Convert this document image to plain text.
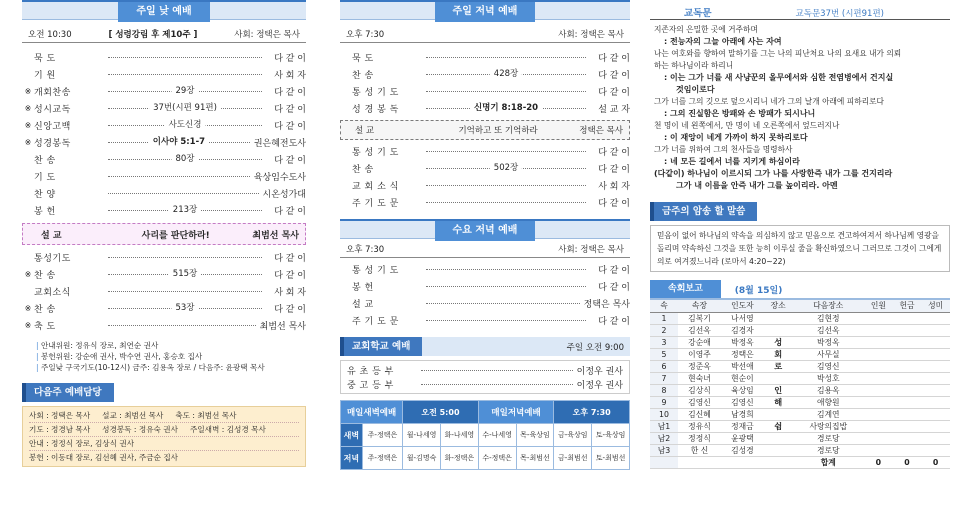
주일 낮 예배
오전 10:30	[ 성령강림 후 제10주 ]	사회: 정택은 목사
묵 도	다 같 이
기 원	사 회 자
※ 개회찬송	29장	다 같 이
※ 성시교독	37번(시편 91편)	다 같 이
※ 신앙고백	사도신경	다 같 이
※ 성경봉독	이사야 5:1-7	권은혜전도사
찬 송	80장	다 같 이
기 도	육상임수도사
찬 양	시온성가대
봉 헌	213장	다 같 이
설 교	사리를 판단하라!	최범선 목사
통성기도	다 같 이
※ 찬 송	515장	다 같 이
교회소식	사 회 자
※ 찬 송	53장	다 같 이
※ 축 도	최범선 목사
| 안내위원: 정유식 장로, 최연순 권사
| 봉헌위원: 강순애 권사, 박수연 권사, 홍승호 집사
| 주일낮 구국기도(10-12시) 금주: 김용옥 장로 / 다음주: 윤광택 목사
다음주 예배담당
사회 : 정택은 목사 설교 : 최범선 목사 축도 : 최범선 목사
기도 : 정경남 목사 성경봉독 : 정유숙 권사 주일새벽 : 김성경 목사
안내 : 정정식 장로, 김상식 권사
봉헌 : 이동대 장로, 김선혜 권사, 주금순 집사
주일 저녁 예배
오후 7:30	사회: 정택은 목사
묵 도	다 같 이
찬 송	428장	다 같 이
통 성 기 도	다 같 이
성 경 봉 독	신명기 8:18-20	설 교 자
설 교	기억하고 또 기억하라	정택은 목사
통 성 기 도	다 같 이
찬 송	502장	다 같 이
교 회 소 식	사 회 자
주 기 도 문	다 같 이
수요 저녁 예배
오후 7:30	사회: 정택은 목사
통 성 기 도	다 같 이
봉 헌	다 같 이
설 교	정택은 목사
주 기 도 문	다 같 이
교회학교 예배	주일 오전 9:00
유 초 등 부	이정우 권사
중 고 등 부	이정우 권사
매일새벽예배		오전 5:00		매일저녁예배		오후 7:30	
새벽	주-정택은	월-나세영	화-나세영	수-나세영	목-육상임	금-육상임	토-육상임
저녁	주-정택은	월-김명숙	화-정택은	수-정택은	목-최범선	금-최범선	토-최범선
교독문	교독문37번 (시편91편)
지존자의 은밀한 곳에 거주하며
: 전능자의 그늘 아래에 사는 자여
나는 여호와를 향하여 말하기를 그는 나의 피난처요 나의 요새요 내가 의뢰
하는 하나님이라 하리니
: 이는 그가 너를 새 사냥꾼의 올무에서와 심한 전염병에서 건지실
것임이로다
그가 너를 그의 깃으로 덮으시리니 네가 그의 날개 아래에 피하리로다
: 그의 진실함은 방패와 손 방패가 되시나니
천 명이 네 왼쪽에서, 만 명이 네 오른쪽에서 엎드러지나
: 이 재앙이 네게 가까이 하지 못하리로다
그가 너를 위하여 그의 천사들을 명령하사
: 네 모든 길에서 너를 지키게 하심이라
(다같이) 하나님이 이르시되 그가 나를 사랑한즉 내가 그를 건지리라
그가 내 이름을 안즉 내가 그를 높이리라. 아멘
금주의 암송 할 말씀
믿음이 없어 하나님의 약속을 의심하지 않고 믿음으로 견고하여져서 하나님께 영광을 돌리며 약속하신 그것을 또한 능히 이루실 줄을 확신하였으니 그러므로 그것이 그에게 의로 여겨졌느니라 (로마서 4:20~22)
속회보고	(8월 15일)
속	속장	인도자	장소	다음장소	인원	헌금	성미
1	김복기	나서영		김현정			
2	김선옥	김경자		김선옥			
3	강순애	박정옥	성	박정옥			
5	이영주	정택은	회	사무실			
6	정준옥	박선애	로	김영신			
7	현숙녀	현순이		박성호			
8	김상식	육상임	인	김용옥			
9	김영신	김영신	해	애향원			
10	김신혜	남경희		김계연			
남1	정유식	정재금	쉼	사랑의집밥			
남2	정정식	윤광택		경로당			
남3	한 신	김성경		경로당			
				합계	0	0	0
